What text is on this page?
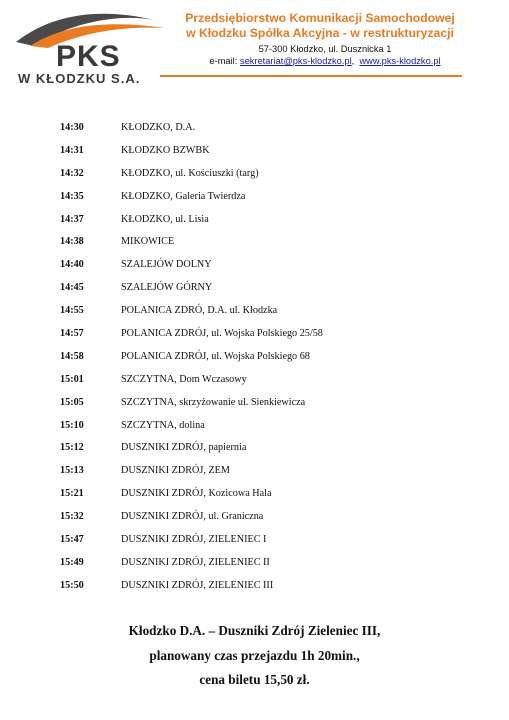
PKS
W KŁODZKU S.A.
Przedsiębiorstwo Komunikacji Samochodowej
w Kłodzku Spółka Akcyjna - w restrukturyzacji
57-300 Kłodzko, ul. Dusznicka 1
e-mail: sekretariat@pks-klodzko.pl, www.pks-klodzko.pl
14:30	KŁODZKO, D.A.
14:31	KŁODZKO BZWBK
14:32	KŁODZKO, ul. Kościuszki (targ)
14:35	KŁODZKO, Galeria Twierdza
14:37	KŁODZKO, ul. Lisia
14:38	MIKOWICE
14:40	SZALEJÓW DOLNY
14:45	SZALEJÓW GÓRNY
14:55	POLANICA ZDRÓ, D.A. ul. Kłodzka
14:57	POLANICA ZDRÓJ, ul. Wojska Polskiego 25/58
14:58	POLANICA ZDRÓJ, ul. Wojska Polskiego 68
15:01	SZCZYTNA, Dom Wczasowy
15:05	SZCZYTNA, skrzyżowanie ul. Sienkiewicza
15:10	SZCZYTNA, dolina
15:12	DUSZNIKI ZDRÓJ, papiernia
15:13	DUSZNIKI ZDRÓJ, ZEM
15:21	DUSZNIKI ZDRÓJ, Kozicowa Hala
15:32	DUSZNIKI ZDRÓJ, ul. Graniczna
15:47	DUSZNIKI ZDRÓJ, ZIELENIEC I
15:49	DUSZNIKI ZDRÓJ, ZIELENIEC II
15:50	DUSZNIKI ZDRÓJ, ZIELENIEC III
Kłodzko D.A. – Duszniki Zdrój Zieleniec III,
planowany czas przejazdu 1h 20min.,
cena biletu 15,50 zł.
